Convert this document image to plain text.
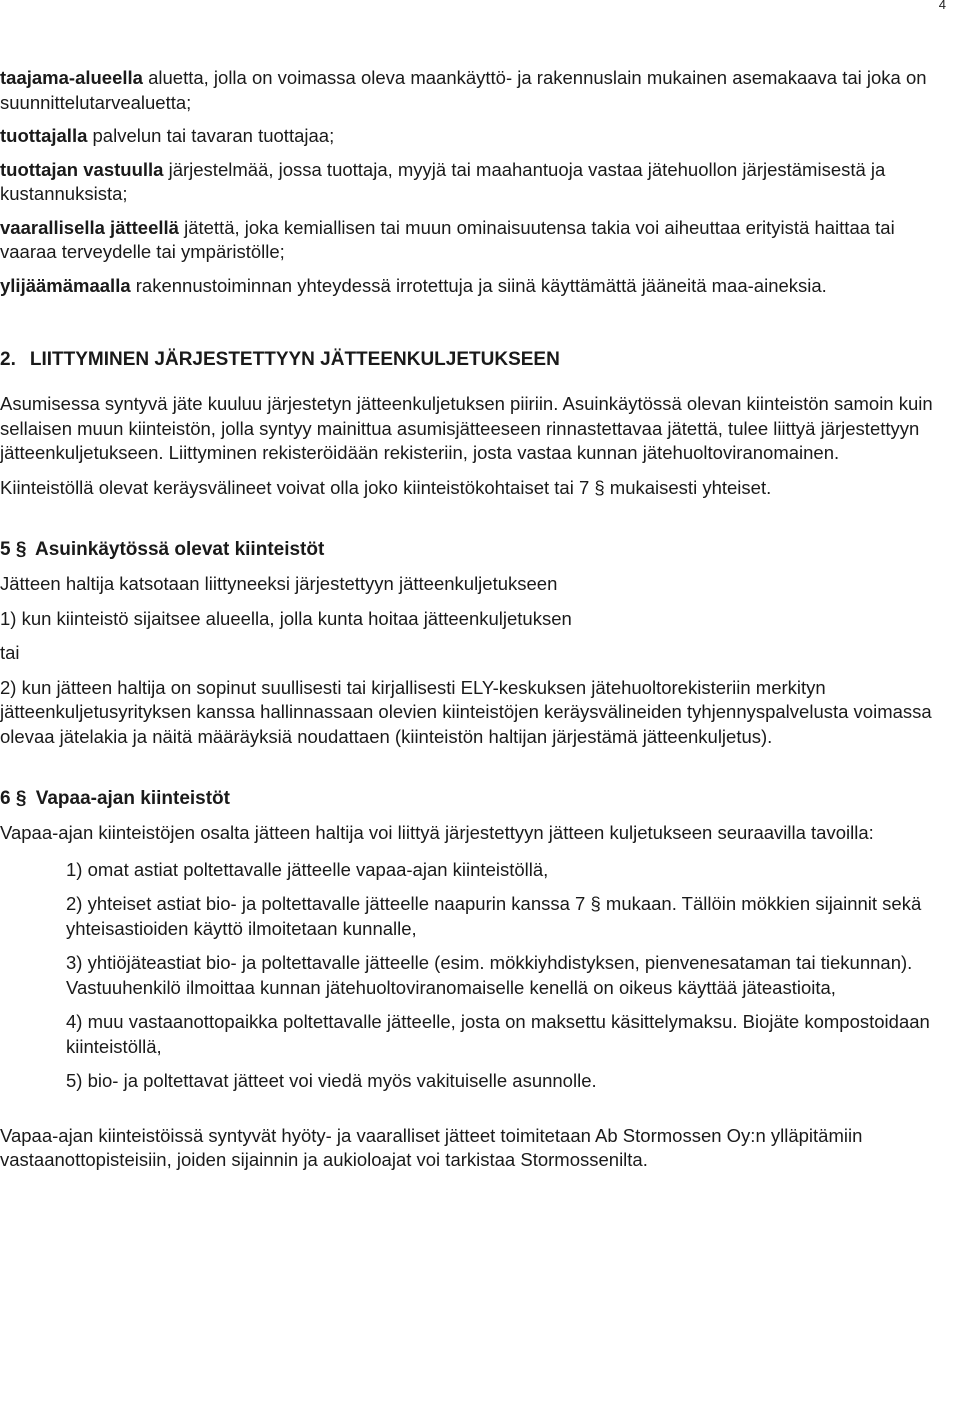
4

taajama-alueella aluetta, jolla on voimassa oleva maankäyttö- ja rakennuslain mukainen asemakaava tai joka on suunnittelutarvealuetta;

tuottajalla palvelun tai tavaran tuottajaa;

tuottajan vastuulla järjestelmää, jossa tuottaja, myyjä tai maahantuoja vastaa jätehuollon järjestämisestä ja kustannuksista;

vaarallisella jätteellä jätettä, joka kemiallisen tai muun ominaisuutensa takia voi aiheuttaa erityistä haittaa tai vaaraa terveydelle tai ympäristölle;

ylijäämämaalla rakennustoiminnan yhteydessä irrotettuja ja siinä käyttämättä jääneitä maa-aineksia.

2. LIITTYMINEN JÄRJESTETTYYN JÄTTEENKULJETUKSEEN

Asumisessa syntyvä jäte kuuluu järjestetyn jätteenkuljetuksen piiriin. Asuinkäytössä olevan kiinteistön samoin kuin sellaisen muun kiinteistön, jolla syntyy mainittua asumisjätteeseen rinnastettavaa jätettä, tulee liittyä järjestettyyn jätteenkuljetukseen. Liittyminen rekisteröidään rekisteriin, josta vastaa kunnan jätehuoltoviranomainen.

Kiinteistöllä olevat keräysvälineet voivat olla joko kiinteistökohtaiset tai 7 § mukaisesti yhteiset.

5 § Asuinkäytössä olevat kiinteistöt

Jätteen haltija katsotaan liittyneeksi järjestettyyn jätteenkuljetukseen

1) kun kiinteistö sijaitsee alueella, jolla kunta hoitaa jätteenkuljetuksen

tai

2) kun jätteen haltija on sopinut suullisesti tai kirjallisesti ELY-keskuksen jätehuoltorekisteriin merkityn jätteenkuljetusyrityksen kanssa hallinnassaan olevien kiinteistöjen keräysvälineiden tyhjennyspalvelusta voimassa olevaa jätelakia ja näitä määräyksiä noudattaen (kiinteistön haltijan järjestämä jätteenkuljetus).

6 § Vapaa-ajan kiinteistöt

Vapaa-ajan kiinteistöjen osalta jätteen haltija voi liittyä järjestettyyn jätteen kuljetukseen seuraavilla tavoilla:

1) omat astiat poltettavalle jätteelle vapaa-ajan kiinteistöllä,

2) yhteiset astiat bio- ja poltettavalle jätteelle naapurin kanssa 7 § mukaan. Tällöin mökkien sijainnit sekä yhteisastioiden käyttö ilmoitetaan kunnalle,

3) yhtiöjäteastiat bio- ja poltettavalle jätteelle (esim. mökkiyhdistyksen, pienvenesataman tai tiekunnan). Vastuuhenkilö ilmoittaa kunnan jätehuoltoviranomaiselle kenellä on oikeus käyttää jäteastioita,

4) muu vastaanottopaikka poltettavalle jätteelle, josta on maksettu käsittelymaksu. Biojäte kompostoidaan kiinteistöllä,

5) bio- ja poltettavat jätteet voi viedä myös vakituiselle asunnolle.

Vapaa-ajan kiinteistöissä syntyvät hyöty- ja vaaralliset jätteet toimitetaan Ab Stormossen Oy:n ylläpitämiin vastaanottopisteisiin, joiden sijainnin ja aukioloajat voi tarkistaa Stormossenilta.
